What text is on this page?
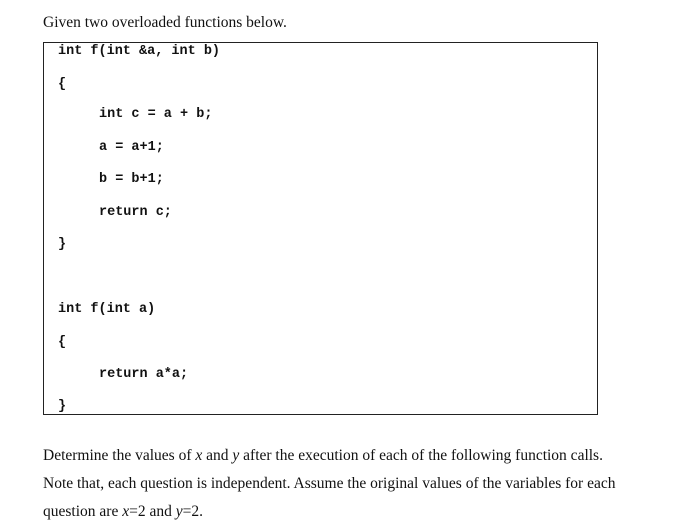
Given two overloaded functions below.
int f(int &a, int b)
{
int c = a + b;
a = a+1;
b = b+1;
return c;
}
int f(int a)
{
return a*a;
}

Determine the values of x and y after the execution of each of the following function calls.

Note that, each question is independent. Assume the original values of the variables for each

question are x=2 and y=2.
